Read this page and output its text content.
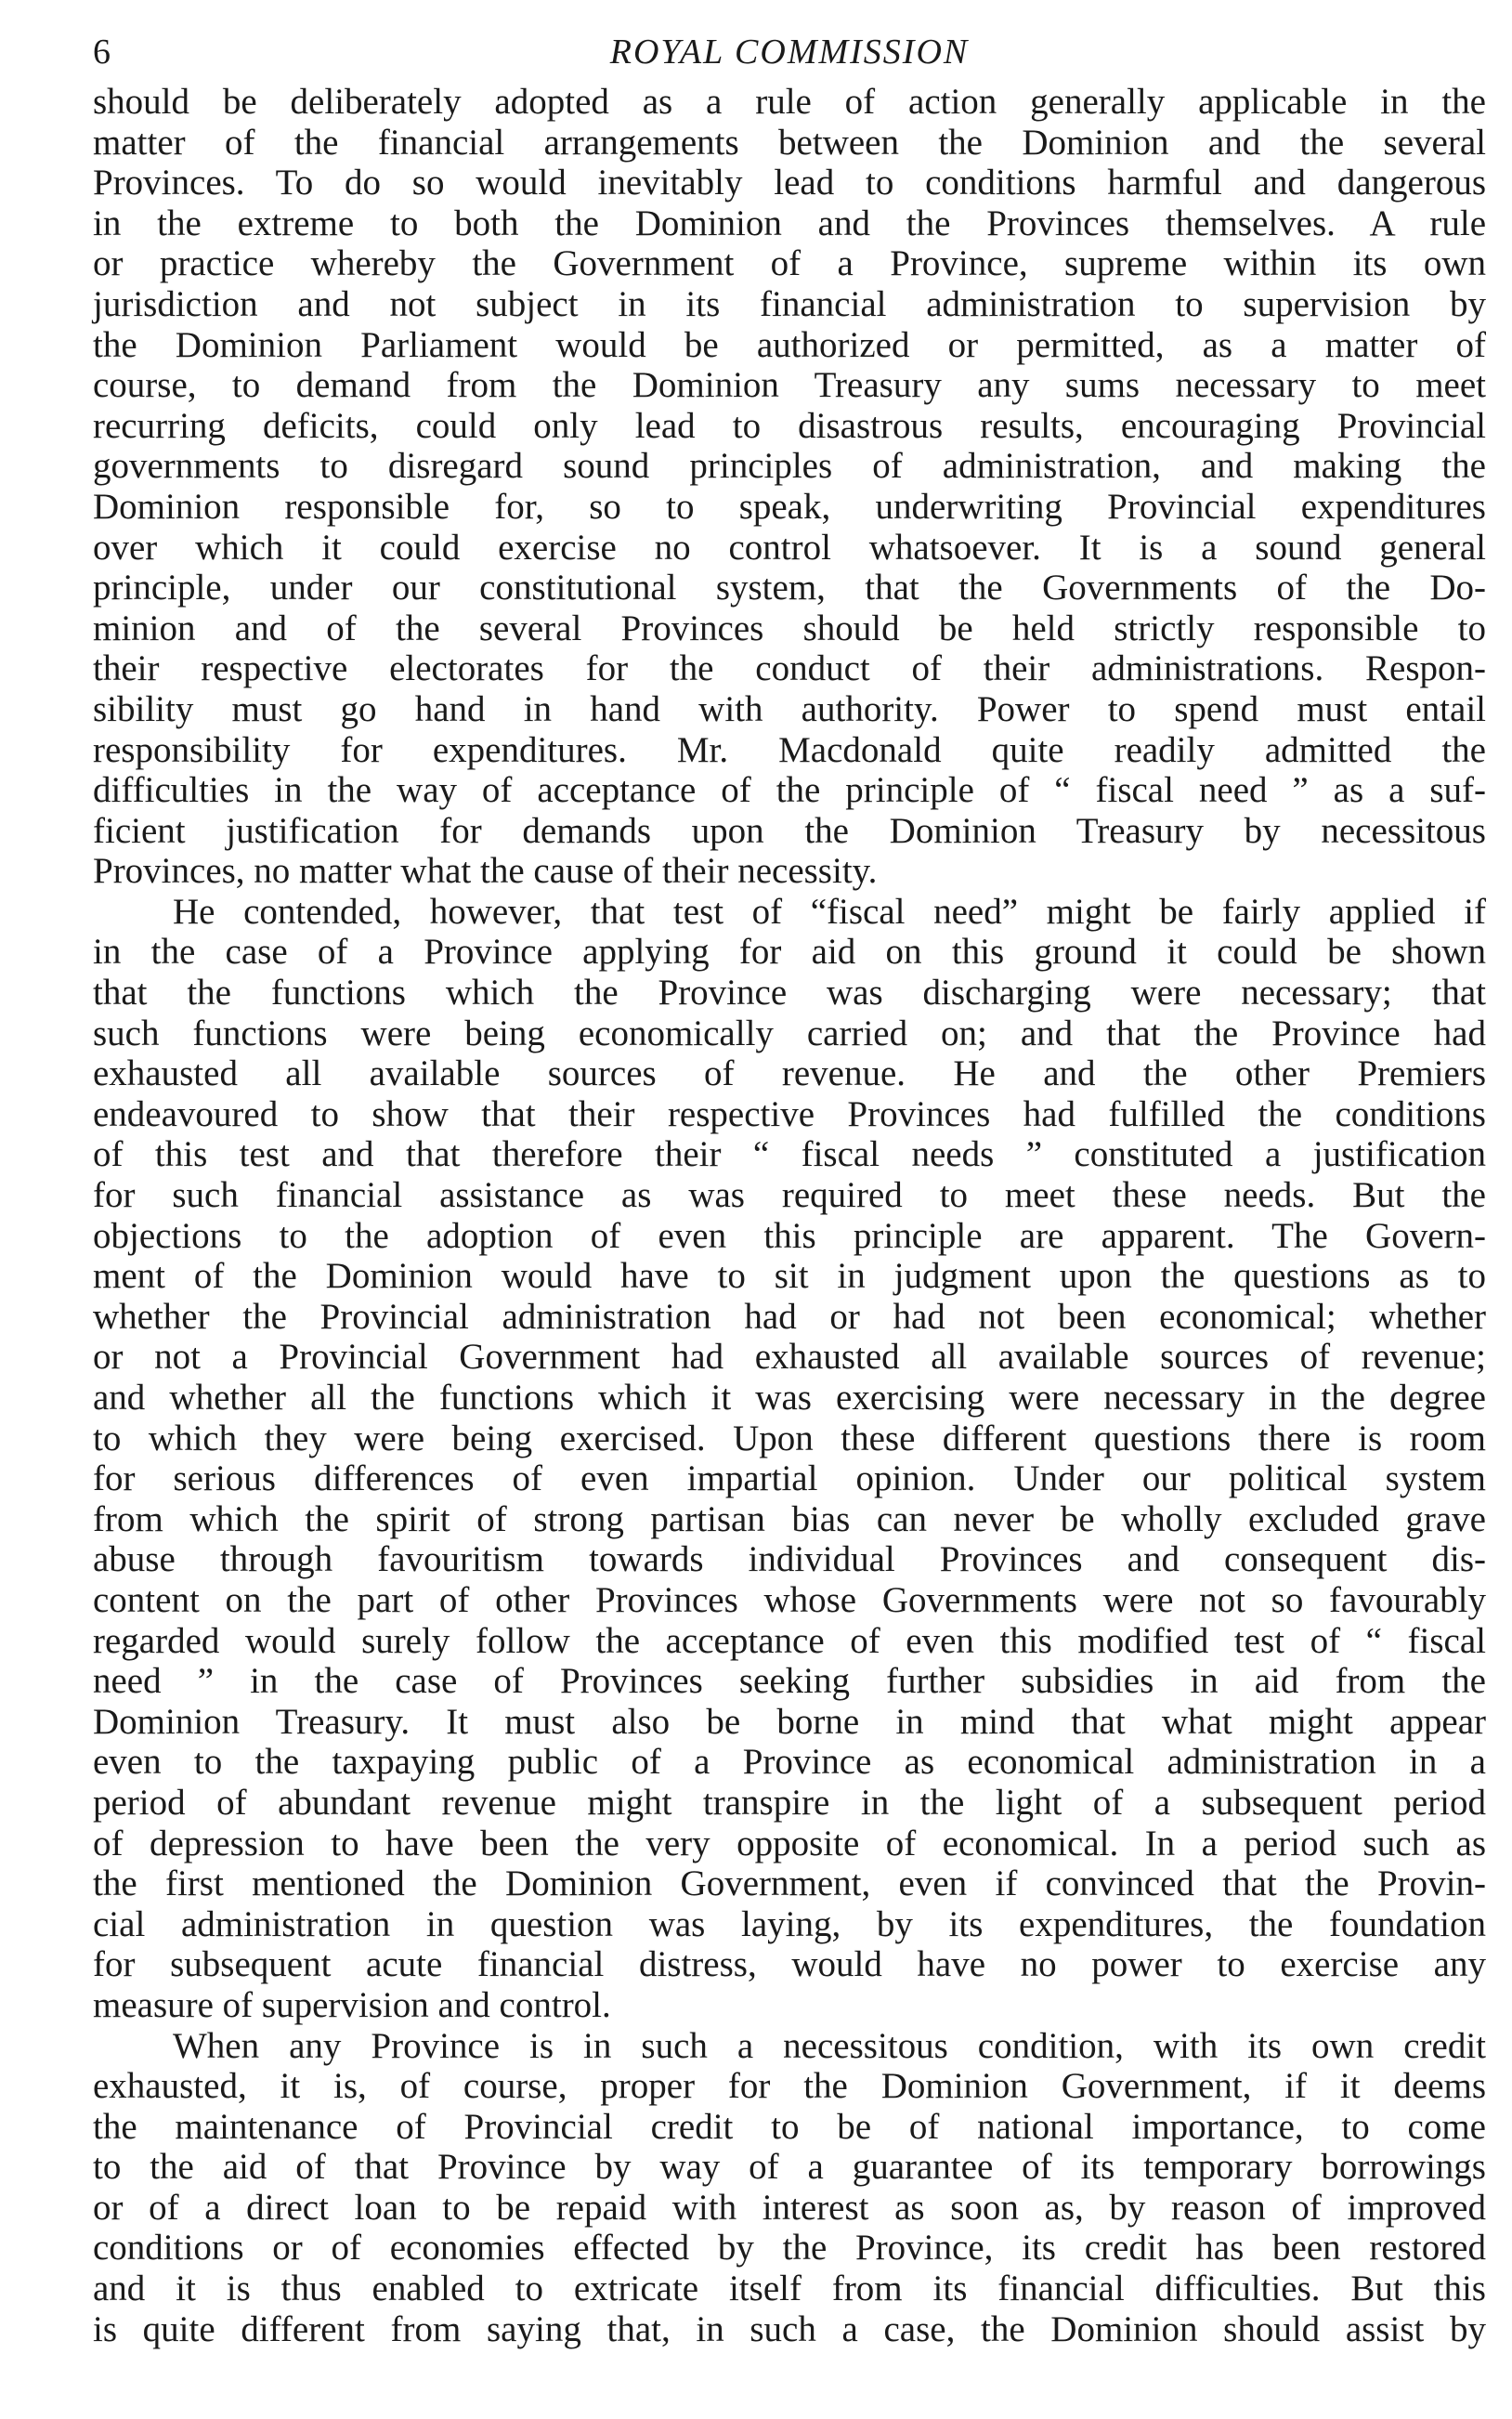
6	ROYAL COMMISSION

should be deliberately adopted as a rule of action generally applicable in the
matter of the financial arrangements between the Dominion and the several
Provinces. To do so would inevitably lead to conditions harmful and dangerous
in the extreme to both the Dominion and the Provinces themselves. A rule
or practice whereby the Government of a Province, supreme within its own
jurisdiction and not subject in its financial administration to supervision by
the Dominion Parliament would be authorized or permitted, as a matter of
course, to demand from the Dominion Treasury any sums necessary to meet
recurring deficits, could only lead to disastrous results, encouraging Provincial
governments to disregard sound principles of administration, and making the
Dominion responsible for, so to speak, underwriting Provincial expenditures
over which it could exercise no control whatsoever. It is a sound general
principle, under our constitutional system, that the Governments of the Do-
minion and of the several Provinces should be held strictly responsible to
their respective electorates for the conduct of their administrations. Respon-
sibility must go hand in hand with authority. Power to spend must entail
responsibility for expenditures. Mr. Macdonald quite readily admitted the
difficulties in the way of acceptance of the principle of “ fiscal need ” as a suf-
ficient justification for demands upon the Dominion Treasury by necessitous
Provinces, no matter what the cause of their necessity.

He contended, however, that test of “fiscal need” might be fairly applied if
in the case of a Province applying for aid on this ground it could be shown
that the functions which the Province was discharging were necessary; that
such functions were being economically carried on; and that the Province had
exhausted all available sources of revenue. He and the other Premiers
endeavoured to show that their respective Provinces had fulfilled the conditions
of this test and that therefore their “ fiscal needs ” constituted a justification
for such financial assistance as was required to meet these needs. But the
objections to the adoption of even this principle are apparent. The Govern-
ment of the Dominion would have to sit in judgment upon the questions as to
whether the Provincial administration had or had not been economical; whether
or not a Provincial Government had exhausted all available sources of revenue;
and whether all the functions which it was exercising were necessary in the degree
to which they were being exercised. Upon these different questions there is room
for serious differences of even impartial opinion. Under our political system
from which the spirit of strong partisan bias can never be wholly excluded grave
abuse through favouritism towards individual Provinces and consequent dis-
content on the part of other Provinces whose Governments were not so favourably
regarded would surely follow the acceptance of even this modified test of “ fiscal
need ” in the case of Provinces seeking further subsidies in aid from the
Dominion Treasury. It must also be borne in mind that what might appear
even to the taxpaying public of a Province as economical administration in a
period of abundant revenue might transpire in the light of a subsequent period
of depression to have been the very opposite of economical. In a period such as
the first mentioned the Dominion Government, even if convinced that the Provin-
cial administration in question was laying, by its expenditures, the foundation
for subsequent acute financial distress, would have no power to exercise any
measure of supervision and control.

When any Province is in such a necessitous condition, with its own credit
exhausted, it is, of course, proper for the Dominion Government, if it deems
the maintenance of Provincial credit to be of national importance, to come
to the aid of that Province by way of a guarantee of its temporary borrowings
or of a direct loan to be repaid with interest as soon as, by reason of improved
conditions or of economies effected by the Province, its credit has been restored
and it is thus enabled to extricate itself from its financial difficulties. But this
is quite different from saying that, in such a case, the Dominion should assist by
